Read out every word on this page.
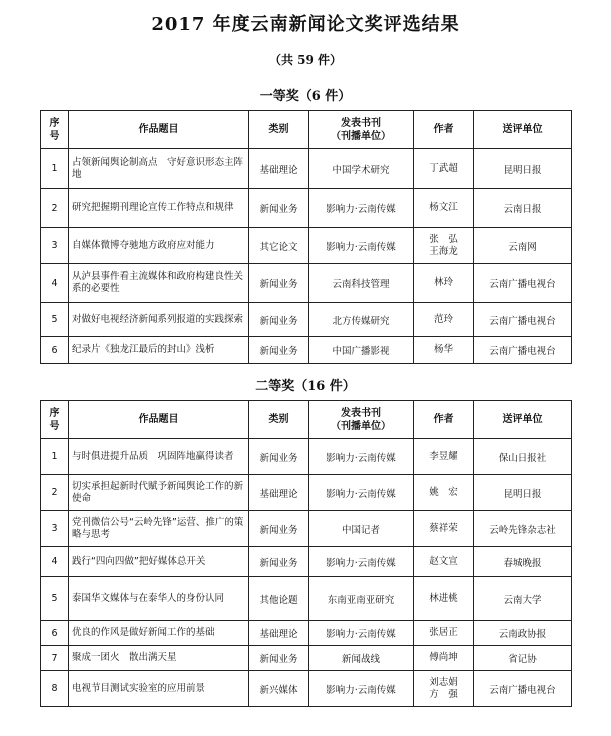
2017 年度云南新闻论文奖评选结果
（共 59 件）
一等奖（6 件）
序
号	作品题目	类别	发表书刊
（刊播单位）	作者	送评单位
1	占领新闻舆论制高点　守好意识形态主阵地	基础理论	中国学术研究	丁武超	昆明日报
2	研究把握期刊理论宣传工作特点和规律	新闻业务	影响力·云南传媒	杨文江	云南日报
3	自媒体微博夺驰地方政府应对能力	其它论文	影响力·云南传媒	张　弘
王海龙	云南网
4	从泸县事件看主流媒体和政府构建良性关系的必要性	新闻业务	云南科技管理	林玲	云南广播电视台
5	对做好电视经济新闻系列报道的实践探索	新闻业务	北方传媒研究	范玲	云南广播电视台
6	纪录片《独龙江最后的封山》浅析	新闻业务	中国广播影视	杨华	云南广播电视台
二等奖（16 件）
序
号	作品题目	类别	发表书刊
（刊播单位）	作者	送评单位
1	与时俱进提升品质　巩固阵地赢得读者	新闻业务	影响力·云南传媒	李昱耀	保山日报社
2	切实承担起新时代赋予新闻舆论工作的新使命	基础理论	影响力·云南传媒	姚　宏	昆明日报
3	党刊微信公号“云岭先锋”运营、推广的策略与思考	新闻业务	中国记者	蔡祥荣	云岭先锋杂志社
4	践行“四向四做”把好媒体总开关	新闻业务	影响力·云南传媒	赵文宣	春城晚报
5	泰国华文媒体与在泰华人的身份认同	其他论题	东南亚南亚研究	林进桃	云南大学
6	优良的作风是做好新闻工作的基础	基础理论	影响力·云南传媒	张居正	云南政协报
7	聚成一团火　散出满天星	新闻业务	新闻战线	傅尚坤	省记协
8	电视节目测试实验室的应用前景	新兴媒体	影响力·云南传媒	刘志娟
方　强	云南广播电视台
